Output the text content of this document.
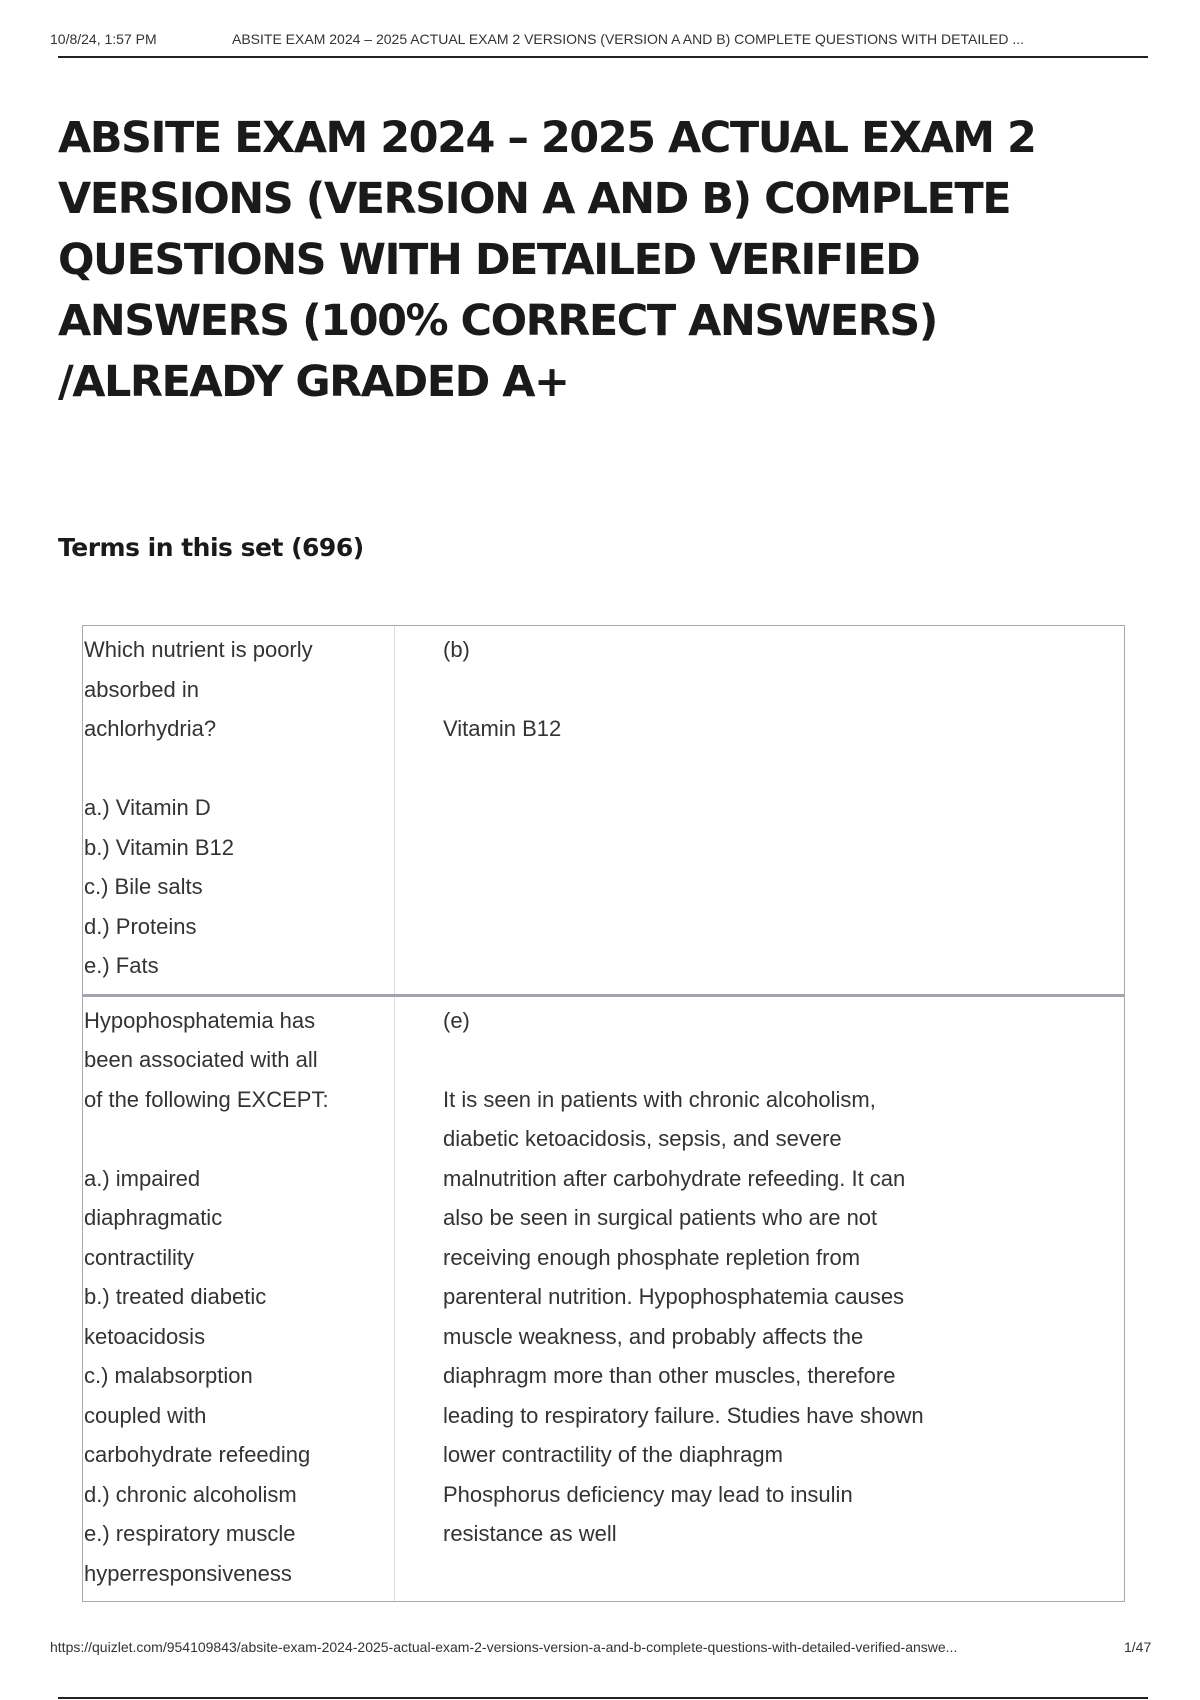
10/8/24, 1:57 PM	ABSITE EXAM 2024 – 2025 ACTUAL EXAM 2 VERSIONS (VERSION A AND B) COMPLETE QUESTIONS WITH DETAILED ...
ABSITE EXAM 2024 – 2025 ACTUAL EXAM 2 VERSIONS (VERSION A AND B) COMPLETE QUESTIONS WITH DETAILED VERIFIED ANSWERS (100% CORRECT ANSWERS) /ALREADY GRADED A+
Terms in this set (696)
Which nutrient is poorly
absorbed in
achlorhydria?

a.) Vitamin D
b.) Vitamin B12
c.) Bile salts
d.) Proteins
e.) Fats
(b)

Vitamin B12
Hypophosphatemia has
been associated with all
of the following EXCEPT:

a.) impaired
diaphragmatic
contractility
b.) treated diabetic
ketoacidosis
c.) malabsorption
coupled with
carbohydrate refeeding
d.) chronic alcoholism
e.) respiratory muscle
hyperresponsiveness
(e)

It is seen in patients with chronic alcoholism,
diabetic ketoacidosis, sepsis, and severe
malnutrition after carbohydrate refeeding. It can
also be seen in surgical patients who are not
receiving enough phosphate repletion from
parenteral nutrition. Hypophosphatemia causes
muscle weakness, and probably affects the
diaphragm more than other muscles, therefore
leading to respiratory failure. Studies have shown
lower contractility of the diaphragm
Phosphorus deficiency may lead to insulin
resistance as well
https://quizlet.com/954109843/absite-exam-2024-2025-actual-exam-2-versions-version-a-and-b-complete-questions-with-detailed-verified-answe...	1/47
